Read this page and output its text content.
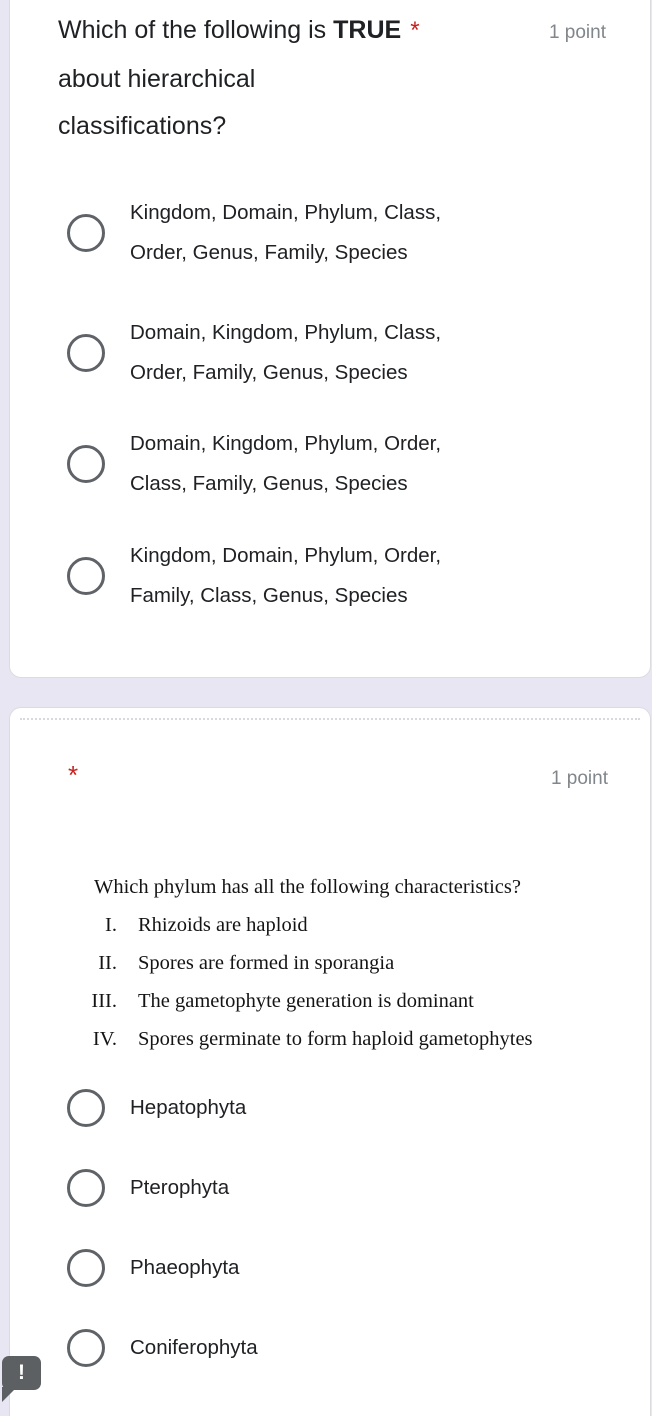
Which of the following is TRUE *	1 point
about hierarchical
classifications?
Kingdom, Domain, Phylum, Class,
Order, Genus, Family, Species
Domain, Kingdom, Phylum, Class,
Order, Family, Genus, Species
Domain, Kingdom, Phylum, Order,
Class, Family, Genus, Species
Kingdom, Domain, Phylum, Order,
Family, Class, Genus, Species
*	1 point
Which phylum has all the following characteristics?
I.	Rhizoids are haploid
II.	Spores are formed in sporangia
III.	The gametophyte generation is dominant
IV.	Spores germinate to form haploid gametophytes
Hepatophyta
Pterophyta
Phaeophyta
Coniferophyta
!
